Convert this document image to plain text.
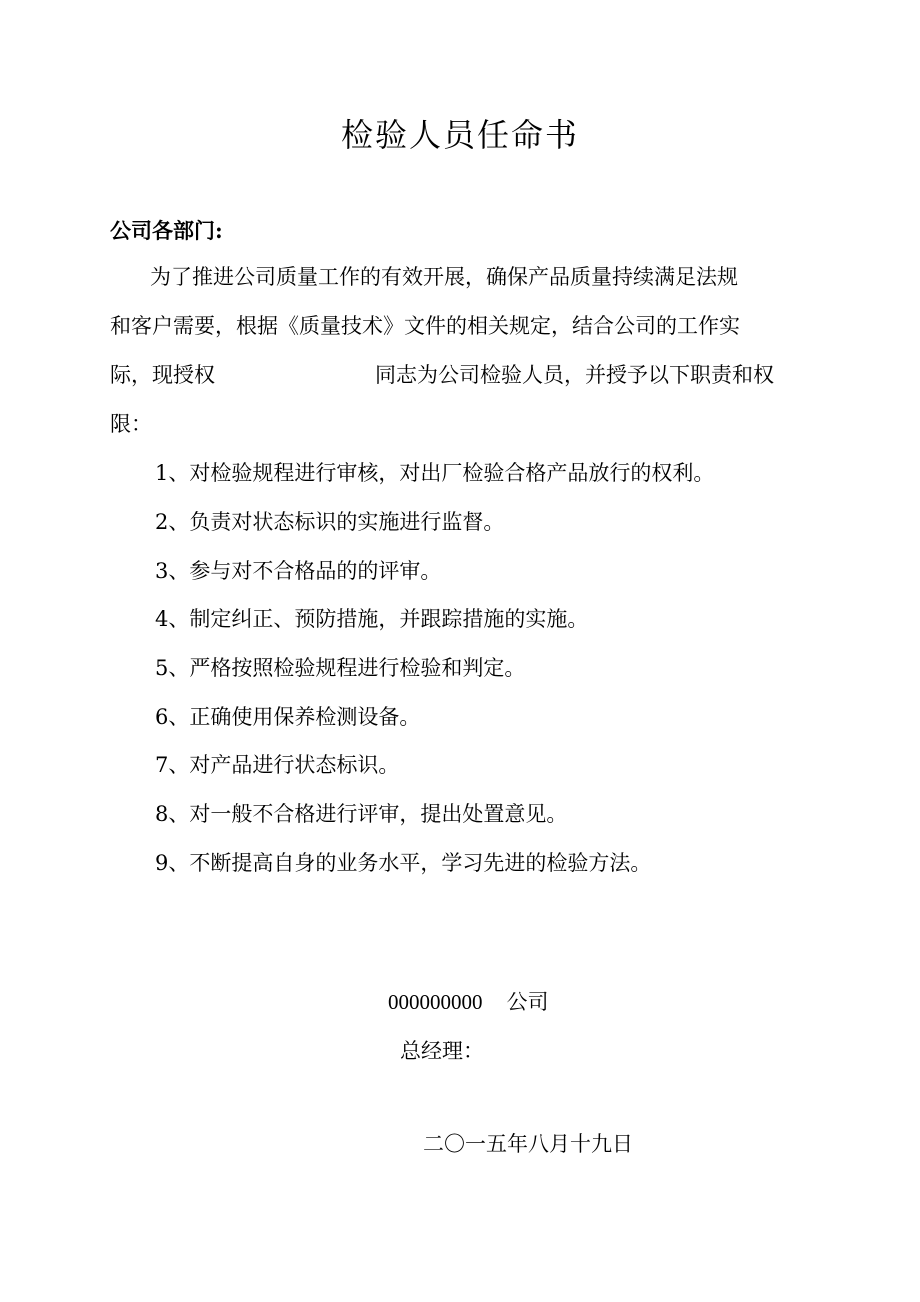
检验人员任命书
公司各部门:
为了推进公司质量工作的有效开展，确保产品质量持续满足法规
和客户需要，根据《质量技术》文件的相关规定，结合公司的工作实
际，现授权	同志为公司检验人员，并授予以下职责和权
限：
1、对检验规程进行审核，对出厂检验合格产品放行的权利。
2、负责对状态标识的实施进行监督。
3、参与对不合格品的的评审。
4、制定纠正、预防措施，并跟踪措施的实施。
5、严格按照检验规程进行检验和判定。
6、正确使用保养检测设备。
7、对产品进行状态标识。
8、对一般不合格进行评审，提出处置意见。
9、不断提高自身的业务水平，学习先进的检验方法。
000000000 公司
总经理：
二〇一五年八月十九日
